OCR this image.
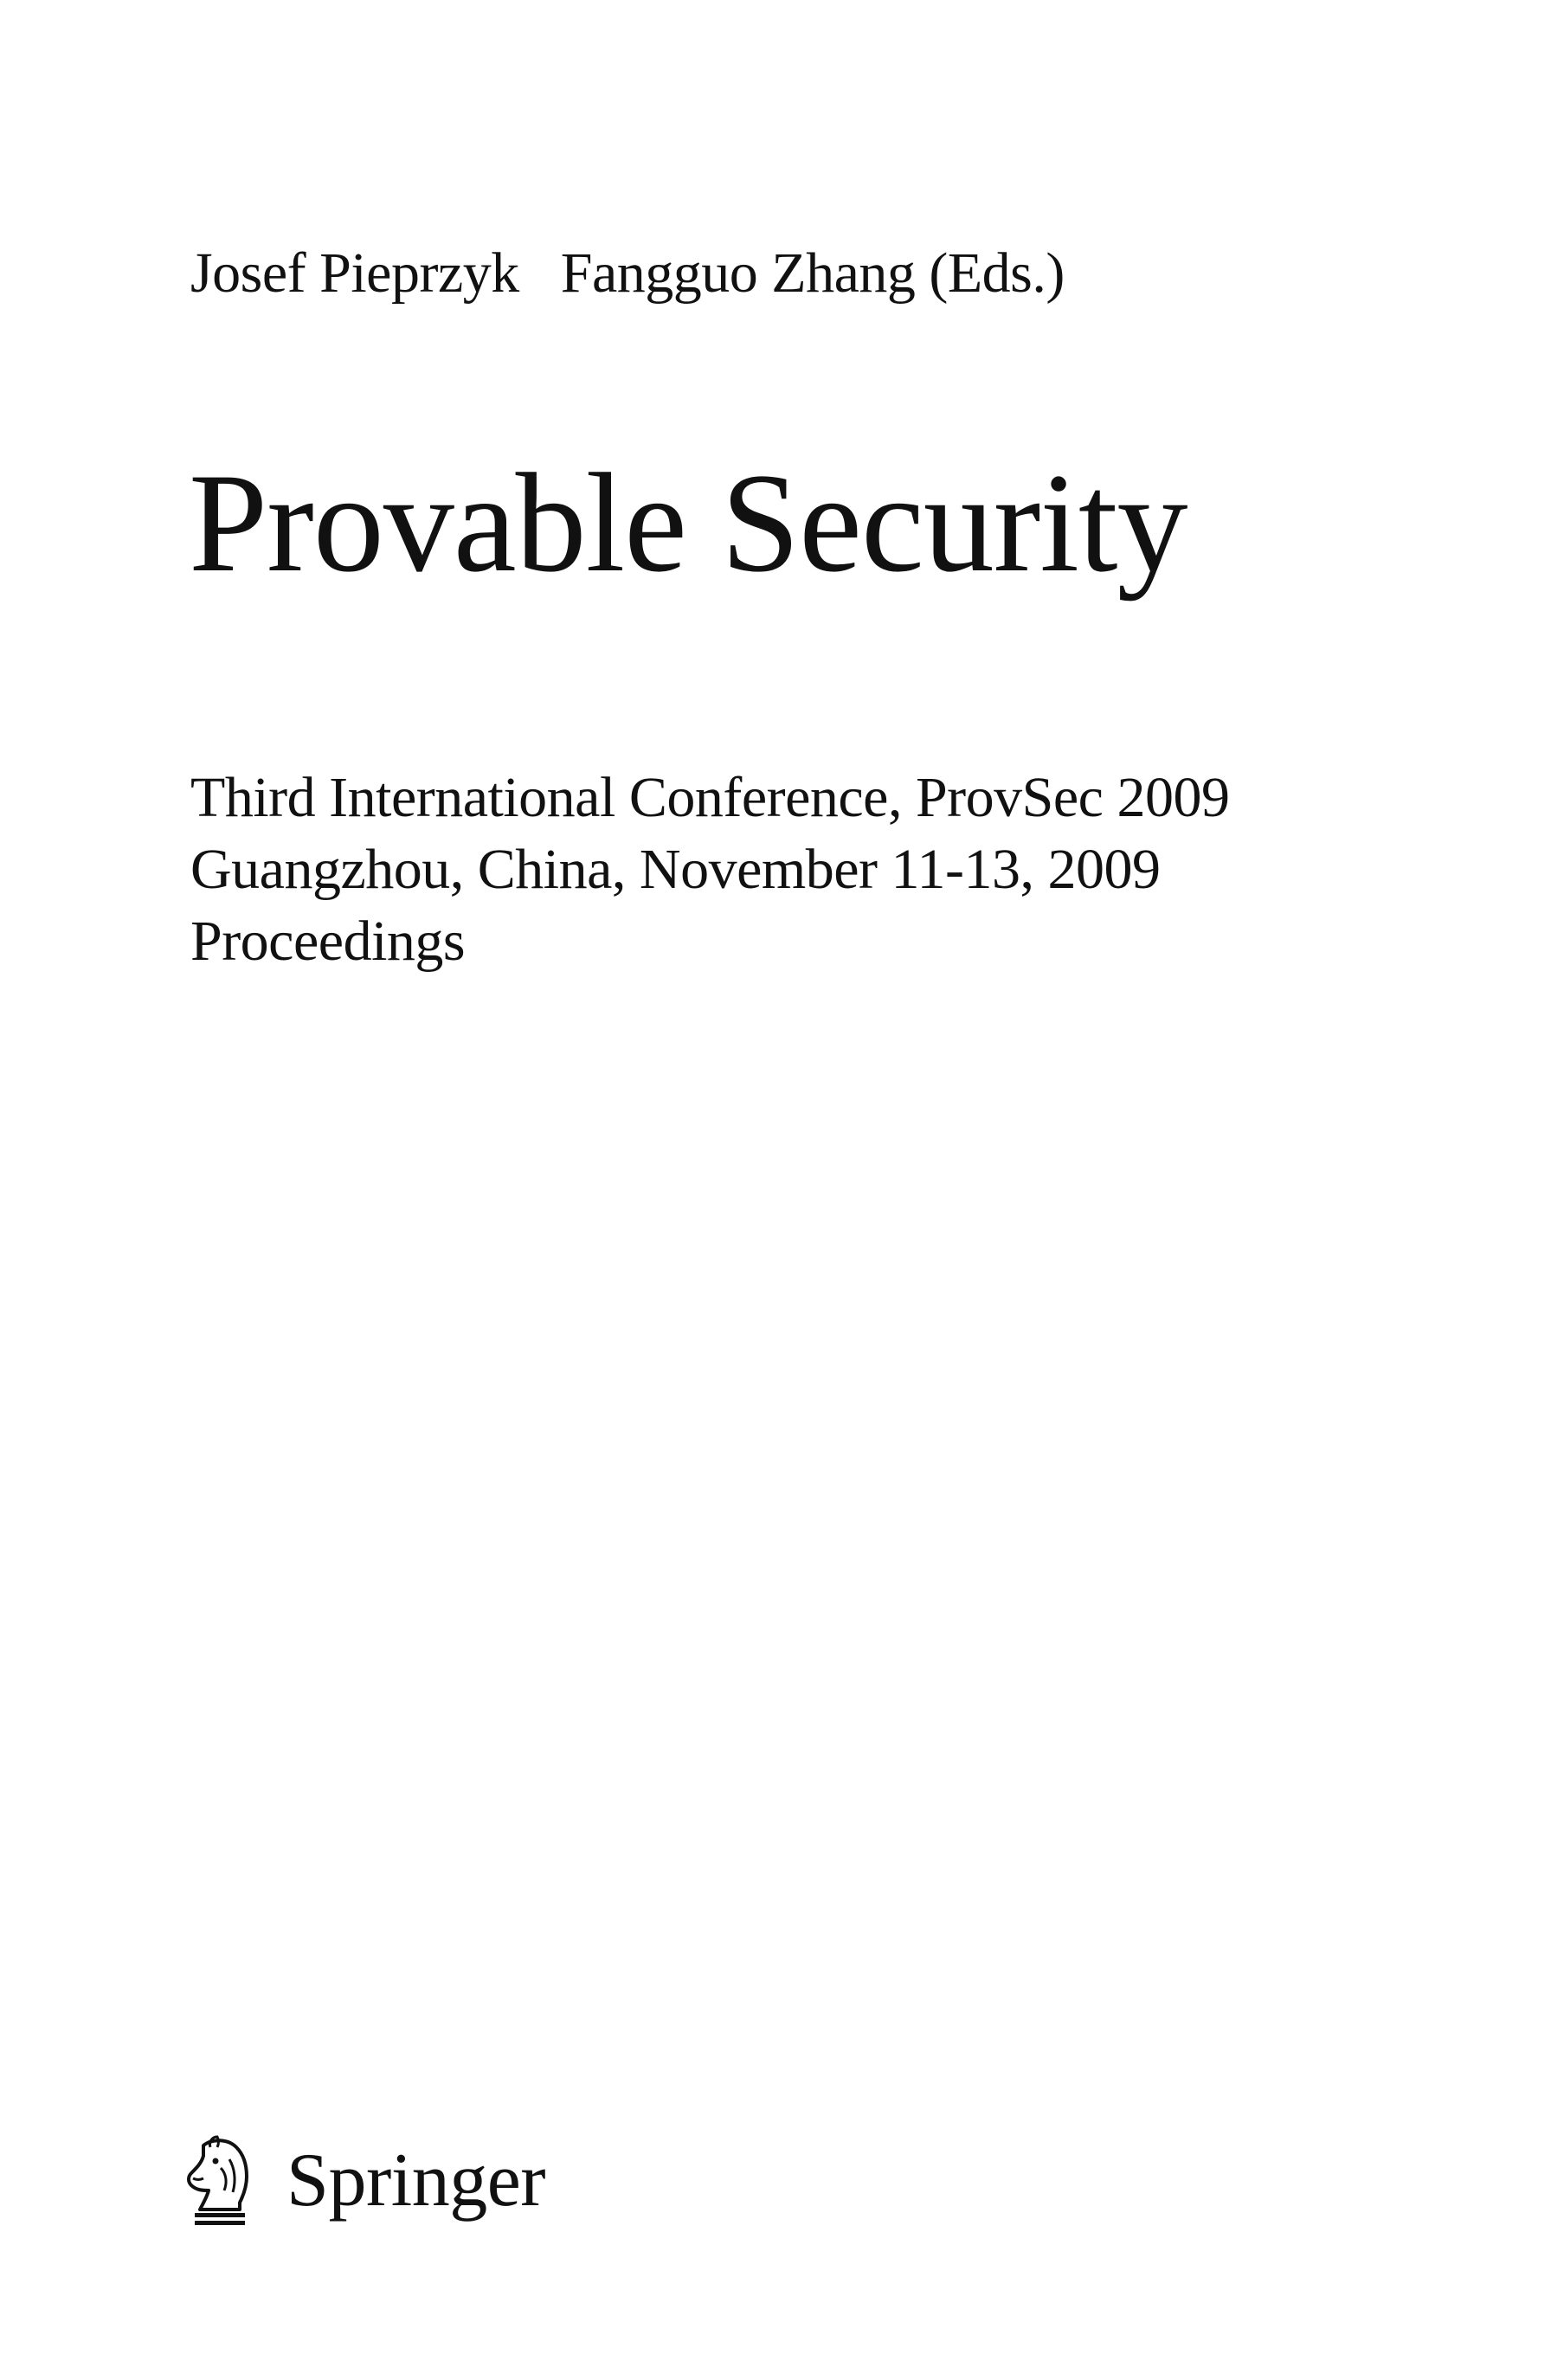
Josef Pieprzyk Fangguo Zhang (Eds.)
Provable Security
Third International Conference, ProvSec 2009
Guangzhou, China, November 11-13, 2009
Proceedings
Springer
